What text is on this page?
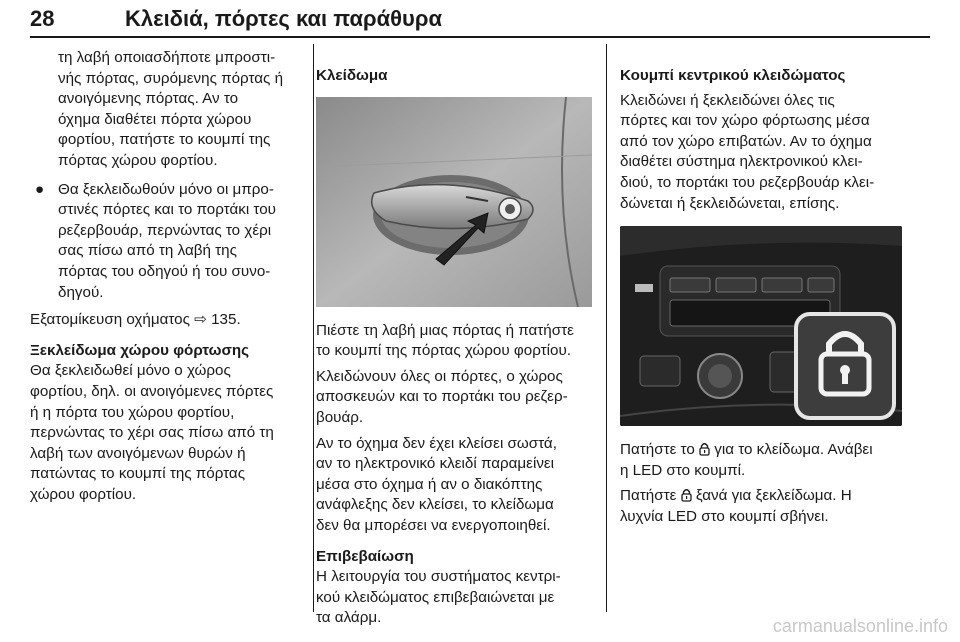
28	Κλειδιά, πόρτες και παράθυρα

τη λαβή οποιασδήποτε μπροστι-

νής πόρτας, συρόμενης πόρτας ή

ανοιγόμενης πόρτας. Αν το

όχημα διαθέτει πόρτα χώρου

φορτίου, πατήστε το κουμπί της

πόρτας χώρου φορτίου.

● Θα ξεκλειδωθούν μόνο οι μπρο-

στινές πόρτες και το πορτάκι του

ρεζερβουάρ, περνώντας το χέρι

σας πίσω από τη λαβή της

πόρτας του οδηγού ή του συνο-

δηγού.

Εξατομίκευση οχήματος ⇨ 135.

Ξεκλείδωμα χώρου φόρτωσης

Θα ξεκλειδωθεί μόνο ο χώρος

φορτίου, δηλ. οι ανοιγόμενες πόρτες

ή η πόρτα του χώρου φορτίου,

περνώντας το χέρι σας πίσω από τη

λαβή των ανοιγόμενων θυρών ή

πατώντας το κουμπί της πόρτας

χώρου φορτίου.

Κλείδωμα

Πιέστε τη λαβή μιας πόρτας ή πατήστε

το κουμπί της πόρτας χώρου φορτίου.

Κλειδώνουν όλες οι πόρτες, ο χώρος

αποσκευών και το πορτάκι του ρεζερ-

βουάρ.

Αν το όχημα δεν έχει κλείσει σωστά,

αν το ηλεκτρονικό κλειδί παραμείνει

μέσα στο όχημα ή αν ο διακόπτης

ανάφλεξης δεν κλείσει, το κλείδωμα

δεν θα μπορέσει να ενεργοποιηθεί.

Επιβεβαίωση

Η λειτουργία του συστήματος κεντρι-

κού κλειδώματος επιβεβαιώνεται με

τα αλάρμ.

Κουμπί κεντρικού κλειδώματος

Κλειδώνει ή ξεκλειδώνει όλες τις

πόρτες και τον χώρο φόρτωσης μέσα

από τον χώρο επιβατών. Αν το όχημα

διαθέτει σύστημα ηλεκτρονικού κλει-

διού, το πορτάκι του ρεζερβουάρ κλει-

δώνεται ή ξεκλειδώνεται, επίσης.

Πατήστε το για το κλείδωμα. Ανάβει

η LED στο κουμπί.

Πατήστε ξανά για ξεκλείδωμα. Η

λυχνία LED στο κουμπί σβήνει.

carmanualsonline.info
